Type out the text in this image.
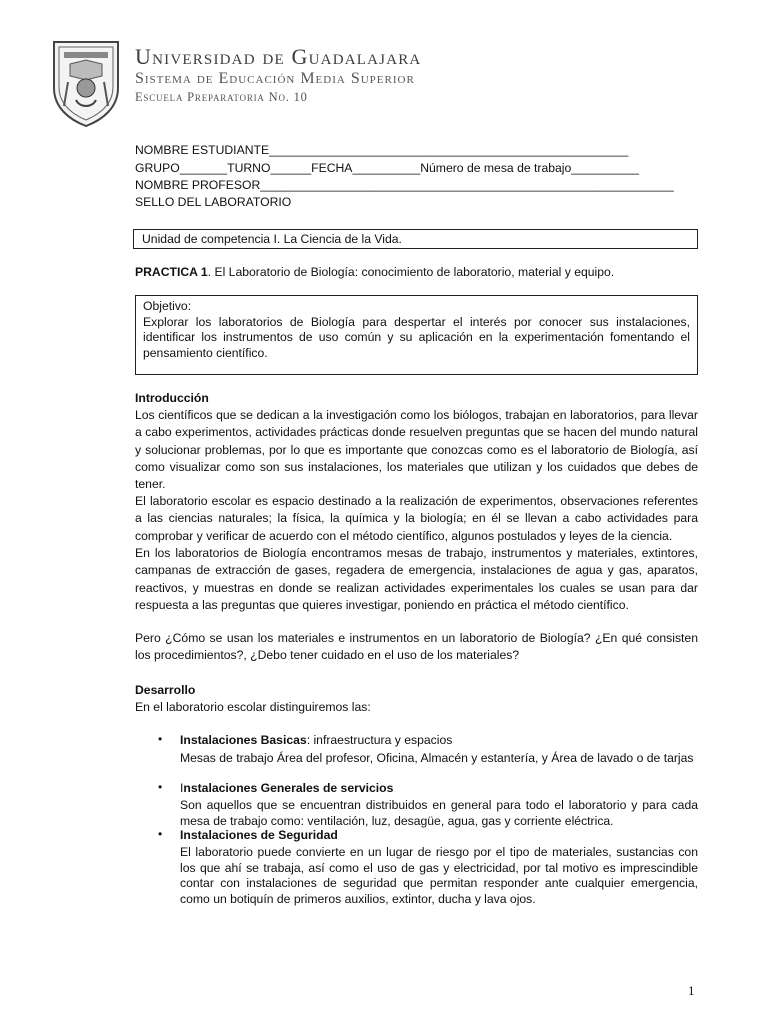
Universidad de Guadalajara
Sistema de Educación Media Superior
Escuela Preparatoria No. 10
NOMBRE ESTUDIANTE_____________________________________________________
GRUPO_______TURNO______FECHA__________Número de mesa de trabajo__________
NOMBRE PROFESOR_____________________________________________________________
SELLO DEL LABORATORIO
Unidad de competencia I. La Ciencia de la Vida.
PRACTICA 1. El Laboratorio de Biología: conocimiento de laboratorio, material y equipo.
Objetivo:
Explorar los laboratorios de Biología para despertar el interés por conocer sus instalaciones, identificar los instrumentos de uso común y su aplicación en la experimentación fomentando el pensamiento científico.
Introducción

Los científicos que se dedican a la investigación como los biólogos, trabajan en laboratorios, para llevar a cabo experimentos, actividades prácticas donde resuelven preguntas que se hacen del mundo natural y solucionar problemas, por lo que es importante que conozcas como es el laboratorio de Biología, así como visualizar como son sus instalaciones, los materiales que utilizan y los cuidados que debes de tener.

El laboratorio escolar es espacio destinado a la realización de experimentos, observaciones referentes a las ciencias naturales; la física, la química y la biología; en él se llevan a cabo actividades para comprobar y verificar de acuerdo con el método científico, algunos postulados y leyes de la ciencia.

En los laboratorios de Biología encontramos mesas de trabajo, instrumentos y materiales, extintores, campanas de extracción de gases, regadera de emergencia, instalaciones de agua y gas, aparatos, reactivos, y muestras en donde se realizan actividades experimentales los cuales se usan para dar respuesta a las preguntas que quieres investigar, poniendo en práctica el método científico.

Pero ¿Cómo se usan los materiales e instrumentos en un laboratorio de Biología? ¿En qué consisten los procedimientos?, ¿Debo tener cuidado en el uso de los materiales?

Desarrollo
En el laboratorio escolar distinguiremos las:
• Instalaciones Basicas: infraestructura y espacios

Mesas de trabajo Área del profesor, Oficina, Almacén y estantería, y Área de lavado o de tarjas

• Instalaciones Generales de servicios

Son aquellos que se encuentran distribuidos en general para todo el laboratorio y para cada mesa de trabajo como: ventilación, luz, desagüe, agua, gas y corriente eléctrica.

• Instalaciones de Seguridad

El laboratorio puede convierte en un lugar de riesgo por el tipo de materiales, sustancias con los que ahí se trabaja, así como el uso de gas y electricidad, por tal motivo es imprescindible contar con instalaciones de seguridad que permitan responder ante cualquier emergencia, como un botiquín de primeros auxilios, extintor, ducha y lava ojos.

1
